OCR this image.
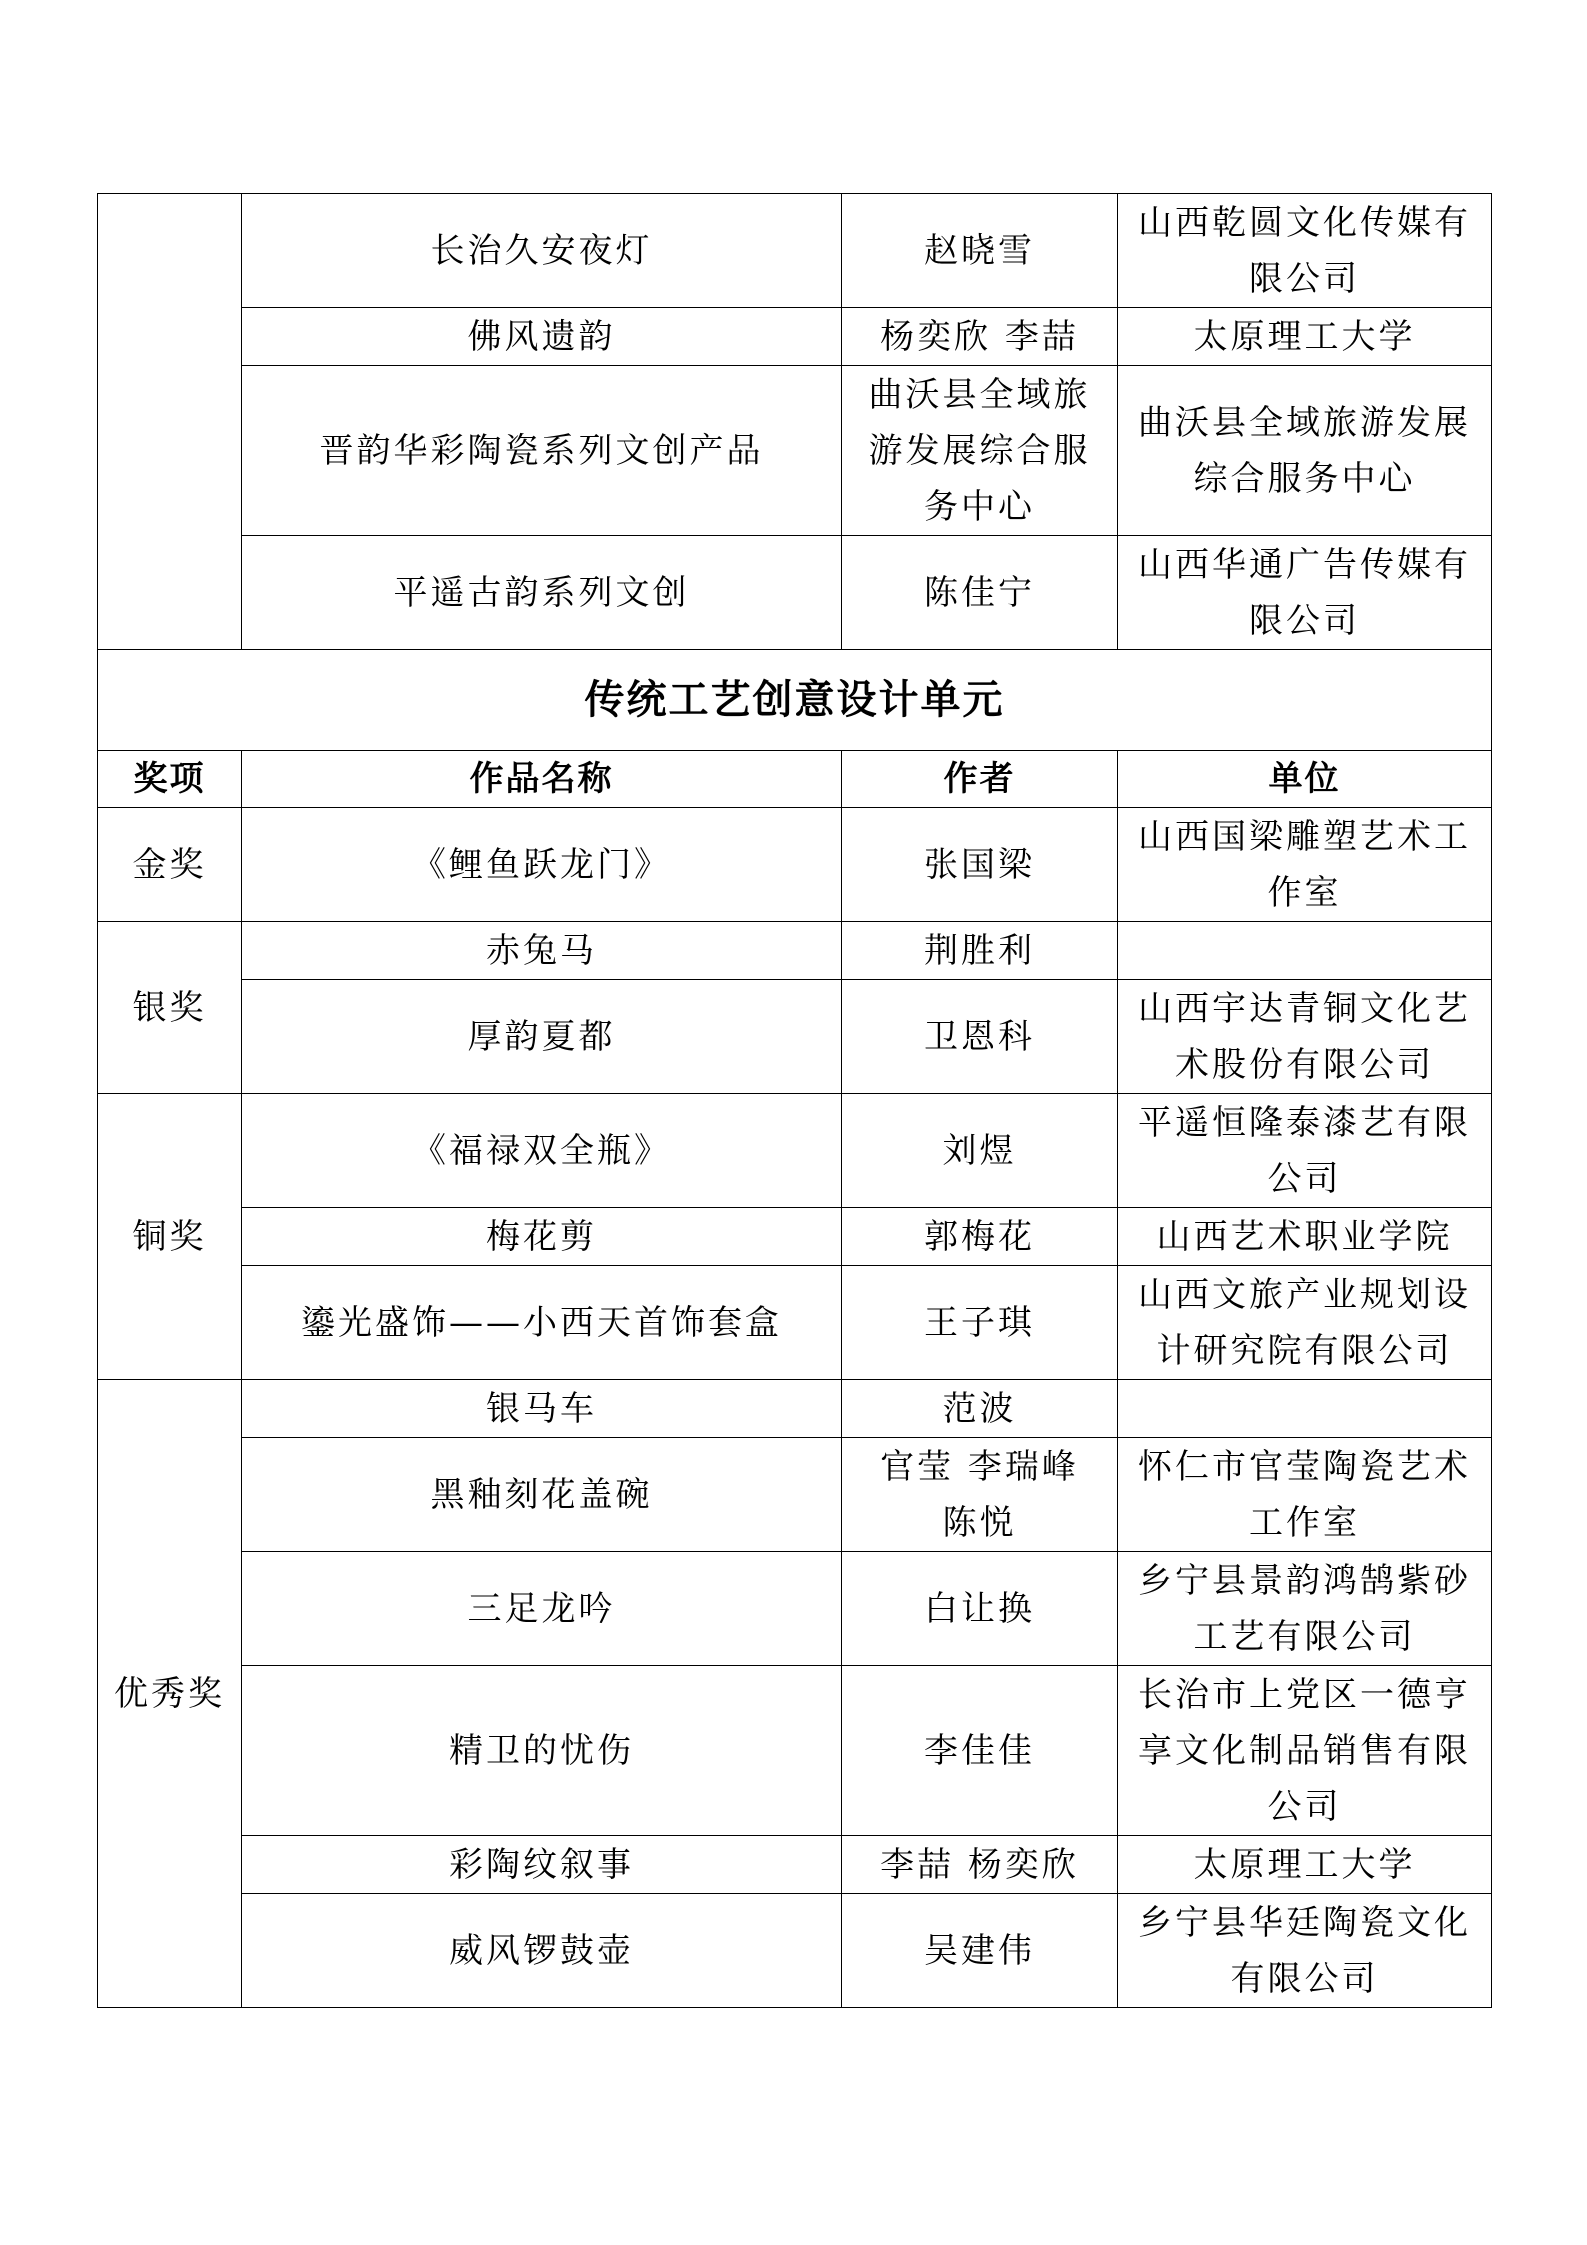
	长治久安夜灯	赵晓雪	山西乾圆文化传媒有限公司
	佛风遗韵	杨奕欣 李喆	太原理工大学
	晋韵华彩陶瓷系列文创产品	曲沃县全域旅游发展综合服务中心	曲沃县全域旅游发展综合服务中心
	平遥古韵系列文创	陈佳宁	山西华通广告传媒有限公司
传统工艺创意设计单元			
奖项	作品名称	作者	单位
金奖	《鲤鱼跃龙门》	张国梁	山西国梁雕塑艺术工作室
银奖	赤兔马	荆胜利	
	厚韵夏都	卫恩科	山西宇达青铜文化艺术股份有限公司
铜奖	《福禄双全瓶》	刘煜	平遥恒隆泰漆艺有限公司
	梅花剪	郭梅花	山西艺术职业学院
	鎏光盛饰——小西天首饰套盒	王子琪	山西文旅产业规划设计研究院有限公司
优秀奖	银马车	范波	
	黑釉刻花盖碗	官莹 李瑞峰 陈悦	怀仁市官莹陶瓷艺术工作室
	三足龙吟	白让换	乡宁县景韵鸿鹄紫砂工艺有限公司
	精卫的忧伤	李佳佳	长治市上党区一德亨享文化制品销售有限公司
	彩陶纹叙事	李喆 杨奕欣	太原理工大学
	威风锣鼓壶	吴建伟	乡宁县华廷陶瓷文化有限公司
